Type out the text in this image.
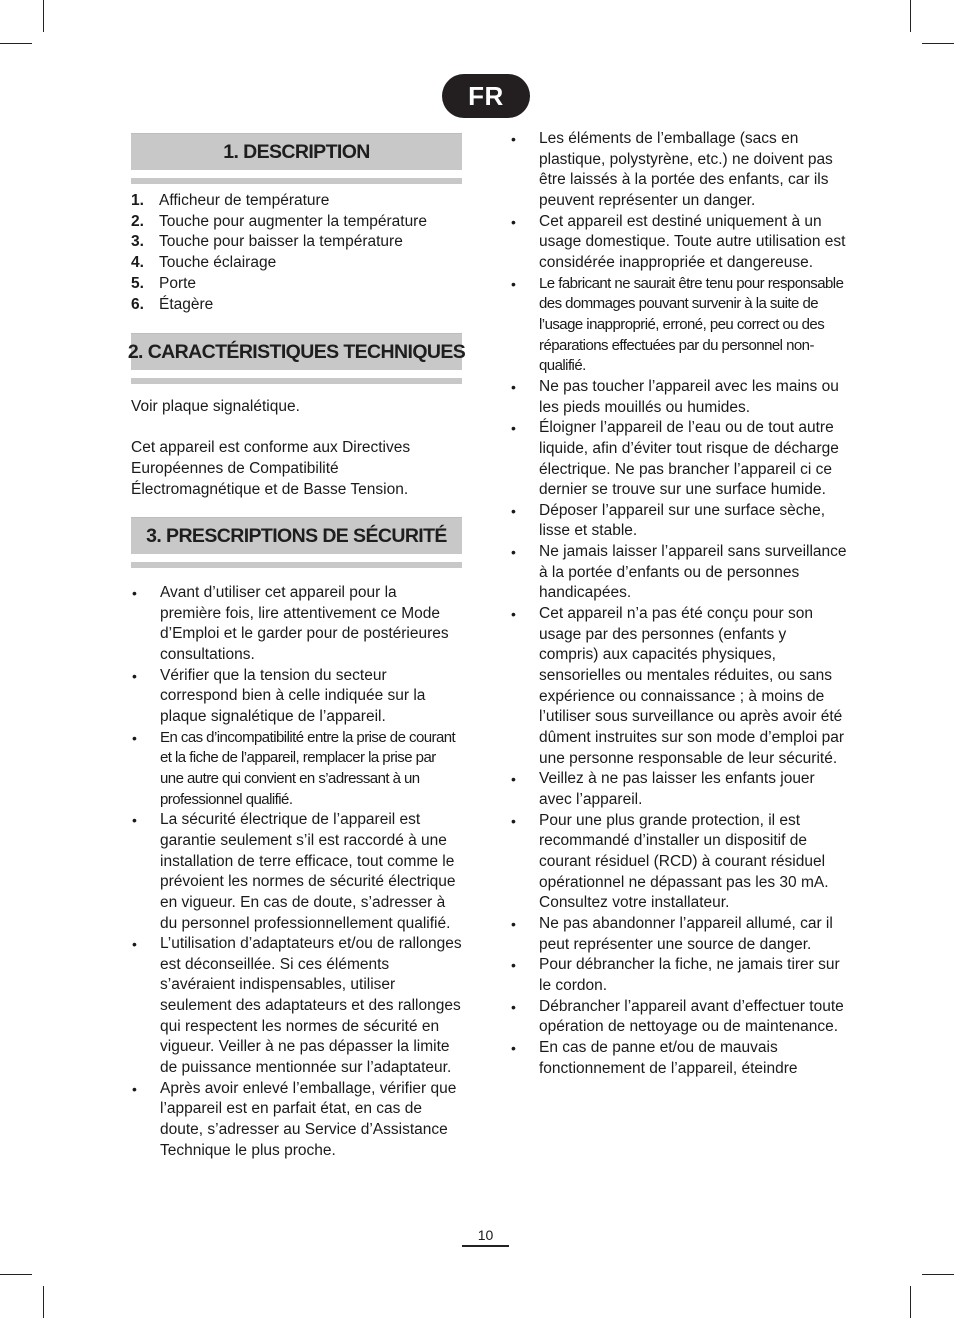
FR
1. DESCRIPTION
1. Afficheur de température
2. Touche pour augmenter la température
3. Touche pour baisser la température
4. Touche éclairage
5. Porte
6. Étagère
2. CARACTÉRISTIQUES TECHNIQUES

Voir plaque signalétique.

Cet appareil est conforme aux Directives Européennes de Compatibilité Électromagnétique et de Basse Tension.

3. PRESCRIPTIONS DE SÉCURITÉ
• Avant d’utiliser cet appareil pour la première fois, lire attentivement ce Mode d’Emploi et le garder pour de postérieures consultations.
• Vérifier que la tension du secteur correspond bien à celle indiquée sur la plaque signalétique de l’appareil.
• En cas d’incompatibilité entre la prise de courant et la fiche de l’appareil, remplacer la prise par une autre qui convient en s’adressant à un professionnel qualifié.
• La sécurité électrique de l’appareil est garantie seulement s’il est raccordé à une installation de terre efficace, tout comme le prévoient les normes de sécurité électrique en vigueur. En cas de doute, s’adresser à du personnel professionnellement qualifié.
• L’utilisation d’adaptateurs et/ou de rallonges est déconseillée. Si ces éléments s’avéraient indispensables, utiliser seulement des adaptateurs et des rallonges qui respectent les normes de sécurité en vigueur. Veiller à ne pas dépasser la limite de puissance mentionnée sur l’adaptateur.
• Après avoir enlevé l’emballage, vérifier que l’appareil est en parfait état, en cas de doute, s’adresser au Service d’Assistance Technique le plus proche.
• Les éléments de l’emballage (sacs en plastique, polystyrène, etc.) ne doivent pas être laissés à la portée des enfants, car ils peuvent représenter un danger.
• Cet appareil est destiné uniquement à un usage domestique. Toute autre utilisation est considérée inappropriée et dangereuse.
• Le fabricant ne saurait être tenu pour responsable des dommages pouvant survenir à la suite de l’usage inapproprié, erroné, peu correct ou des réparations effectuées par du personnel non- qualifié.
• Ne pas toucher l’appareil avec les mains ou les pieds mouillés ou humides.
• Éloigner l’appareil de l’eau ou de tout autre liquide, afin d’éviter tout risque de décharge électrique. Ne pas brancher l’appareil ci ce dernier se trouve sur une surface humide.
• Déposer l’appareil sur une surface sèche, lisse et stable.
• Ne jamais laisser l’appareil sans surveillance à la portée d’enfants ou de personnes handicapées.
• Cet appareil n’a pas été conçu pour son usage par des personnes (enfants y compris) aux capacités physiques, sensorielles ou mentales réduites, ou sans expérience ou connaissance ; à moins de l’utiliser sous surveillance ou après avoir été dûment instruites sur son mode d’emploi par une personne responsable de leur sécurité.
• Veillez à ne pas laisser les enfants jouer avec l’appareil.
• Pour une plus grande protection, il est recommandé d’installer un dispositif de courant résiduel (RCD) à courant résiduel opérationnel ne dépassant pas les 30 mA. Consultez votre installateur.
• Ne pas abandonner l’appareil allumé, car il peut représenter une source de danger.
• Pour débrancher la fiche, ne jamais tirer sur le cordon.
• Débrancher l’appareil avant d’effectuer toute opération de nettoyage ou de maintenance.
• En cas de panne et/ou de mauvais fonctionnement de l’appareil, éteindre
10
